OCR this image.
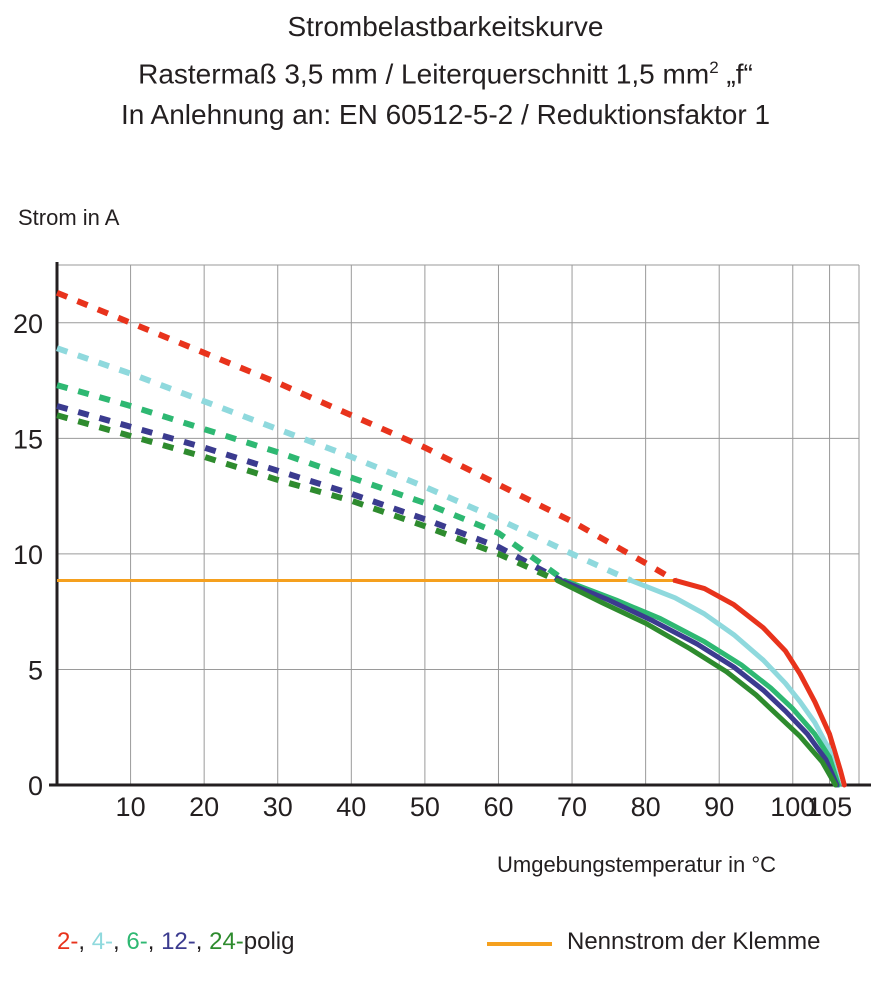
Strombelastbarkeitskurve
Rastermaß 3,5 mm / Leiterquerschnitt 1,5 $mm^2$ „f“
In Anlehnung an: EN 60512-5-2 / Reduktionsfaktor 1
Strom in A
Umgebungstemperatur in °C
10 20 30 40 50 60 70 80 90 100
105
0
5
10
15
20
2-, 4-, 6-, 12-, 24-polig	Nennstrom der Klemme
